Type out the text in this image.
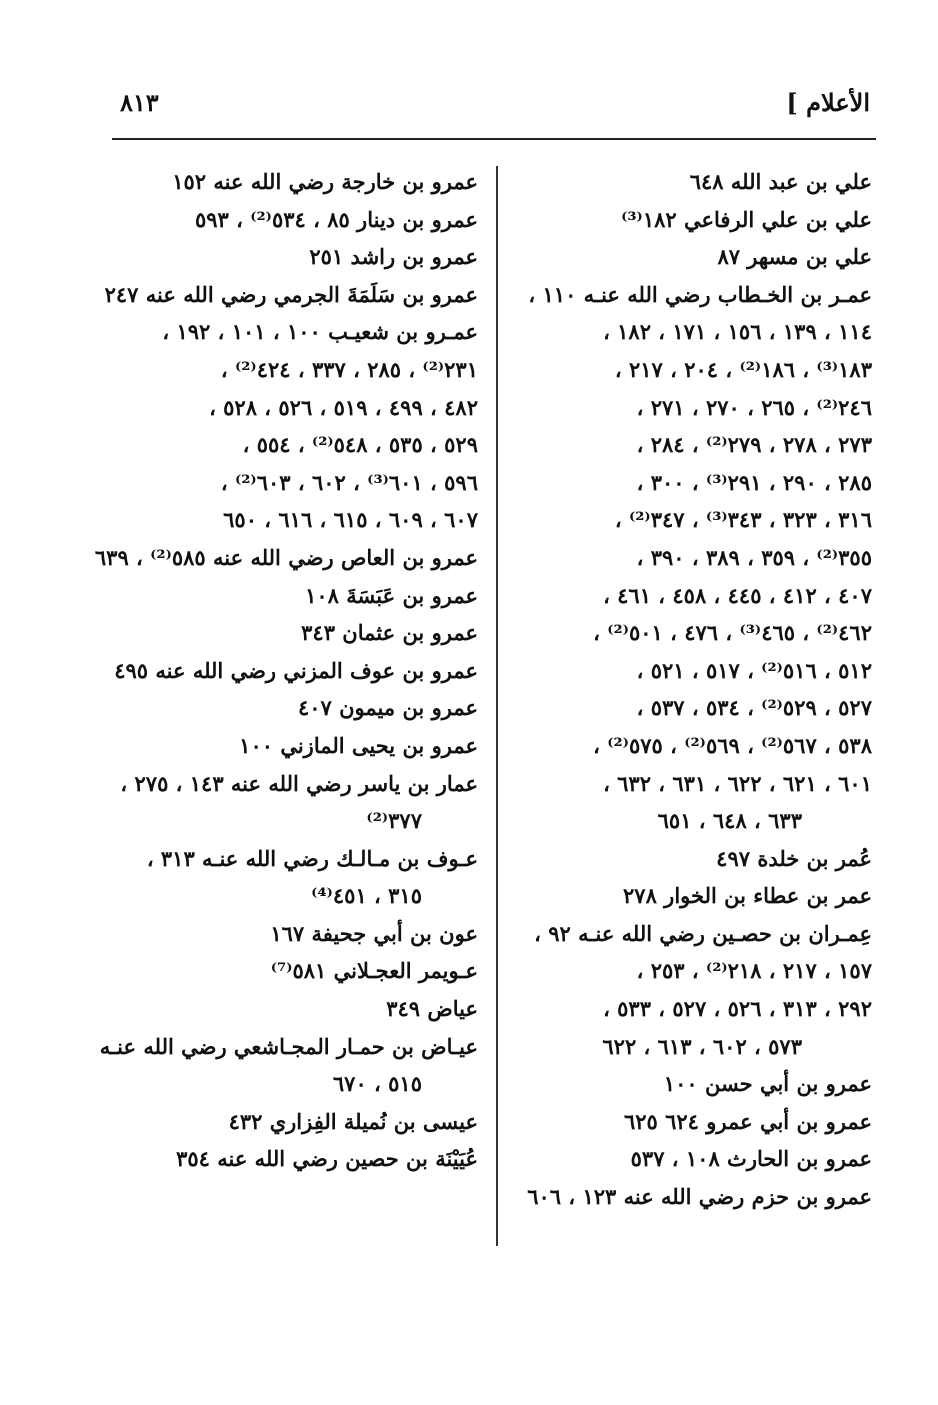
الأعلام ]
٨١٣
علي بن عبد الله ٦٤٨
علي بن علي الرفاعي ١٨٢⁽³⁾
علي بن مسهر ٨٧
عمـر بن الخـطاب رضي الله عنـه ١١٠ ،
١١٤ ، ١٣٩ ، ١٥٦ ، ١٧١ ، ١٨٢ ،
١٨٣⁽³⁾ ، ١٨٦⁽²⁾ ، ٢٠٤ ، ٢١٧ ،
٢٤٦⁽²⁾ ، ٢٦٥ ، ٢٧٠ ، ٢٧١ ،
٢٧٣ ، ٢٧٨ ، ٢٧٩⁽²⁾ ، ٢٨٤ ،
٢٨٥ ، ٢٩٠ ، ٢٩١⁽³⁾ ، ٣٠٠ ،
٣١٦ ، ٣٢٣ ، ٣٤٣⁽³⁾ ، ٣٤٧⁽²⁾ ،
٣٥٥⁽²⁾ ، ٣٥٩ ، ٣٨٩ ، ٣٩٠ ،
٤٠٧ ، ٤١٢ ، ٤٤٥ ، ٤٥٨ ، ٤٦١ ،
٤٦٢⁽²⁾ ، ٤٦٥⁽³⁾ ، ٤٧٦ ، ٥٠١⁽²⁾ ،
٥١٢ ، ٥١٦⁽²⁾ ، ٥١٧ ، ٥٢١ ،
٥٢٧ ، ٥٢٩⁽²⁾ ، ٥٣٤ ، ٥٣٧ ،
٥٣٨ ، ٥٦٧⁽²⁾ ، ٥٦٩⁽²⁾ ، ٥٧٥⁽²⁾ ،
٦٠١ ، ٦٢١ ، ٦٢٢ ، ٦٣١ ، ٦٣٢ ،
٦٣٣ ، ٦٤٨ ، ٦٥١
عُمر بن خلدة ٤٩٧
عمر بن عطاء بن الخوار ٢٧٨
عِمـران بن حصـين رضي الله عنـه ٩٢ ،
١٥٧ ، ٢١٧ ، ٢١٨⁽²⁾ ، ٢٥٣ ،
٢٩٢ ، ٣١٣ ، ٥٢٦ ، ٥٢٧ ، ٥٣٣ ،
٥٧٣ ، ٦٠٢ ، ٦١٣ ، ٦٢٢
عمرو بن أبي حسن ١٠٠
عمرو بن أبي عمرو ٦٢٤ ٦٢٥
عمرو بن الحارث ١٠٨ ، ٥٣٧
عمرو بن حزم رضي الله عنه ١٢٣ ، ٦٠٦
عمرو بن خارجة رضي الله عنه ١٥٢
عمرو بن دينار ٨٥ ، ٥٣٤⁽²⁾ ، ٥٩٣
عمرو بن راشد ٢٥١
عمرو بن سَلَمَةَ الجرمي رضي الله عنه ٢٤٧
عمـرو بن شعيـب ١٠٠ ، ١٠١ ، ١٩٢ ،
٢٣١⁽²⁾ ، ٢٨٥ ، ٣٣٧ ، ٤٢٤⁽²⁾ ،
٤٨٢ ، ٤٩٩ ، ٥١٩ ، ٥٢٦ ، ٥٢٨ ،
٥٢٩ ، ٥٣٥ ، ٥٤٨⁽²⁾ ، ٥٥٤ ،
٥٩٦ ، ٦٠١⁽³⁾ ، ٦٠٢ ، ٦٠٣⁽²⁾ ،
٦٠٧ ، ٦٠٩ ، ٦١٥ ، ٦١٦ ، ٦٥٠
عمرو بن العاص رضي الله عنه ٥٨٥⁽²⁾ ، ٦٣٩
عمرو بن عَبَسَةَ ١٠٨
عمرو بن عثمان ٣٤٣
عمرو بن عوف المزني رضي الله عنه ٤٩٥
عمرو بن ميمون ٤٠٧
عمرو بن يحيى المازني ١٠٠
عمار بن ياسر رضي الله عنه ١٤٣ ، ٢٧٥ ،
٣٧٧⁽²⁾
عـوف بن مـالـك رضي الله عنـه ٣١٣ ،
٣١٥ ، ٤٥١⁽⁴⁾
عون بن أبي جحيفة ١٦٧
عـويمر العجـلاني ٥٨١⁽⁷⁾
عياض ٣٤٩
عيـاض بن حمـار المجـاشعي رضي الله عنـه
٥١٥ ، ٦٧٠
عيسى بن نُميلة الفِزاري ٤٣٢
عُيَيْنَة بن حصين رضي الله عنه ٣٥٤
